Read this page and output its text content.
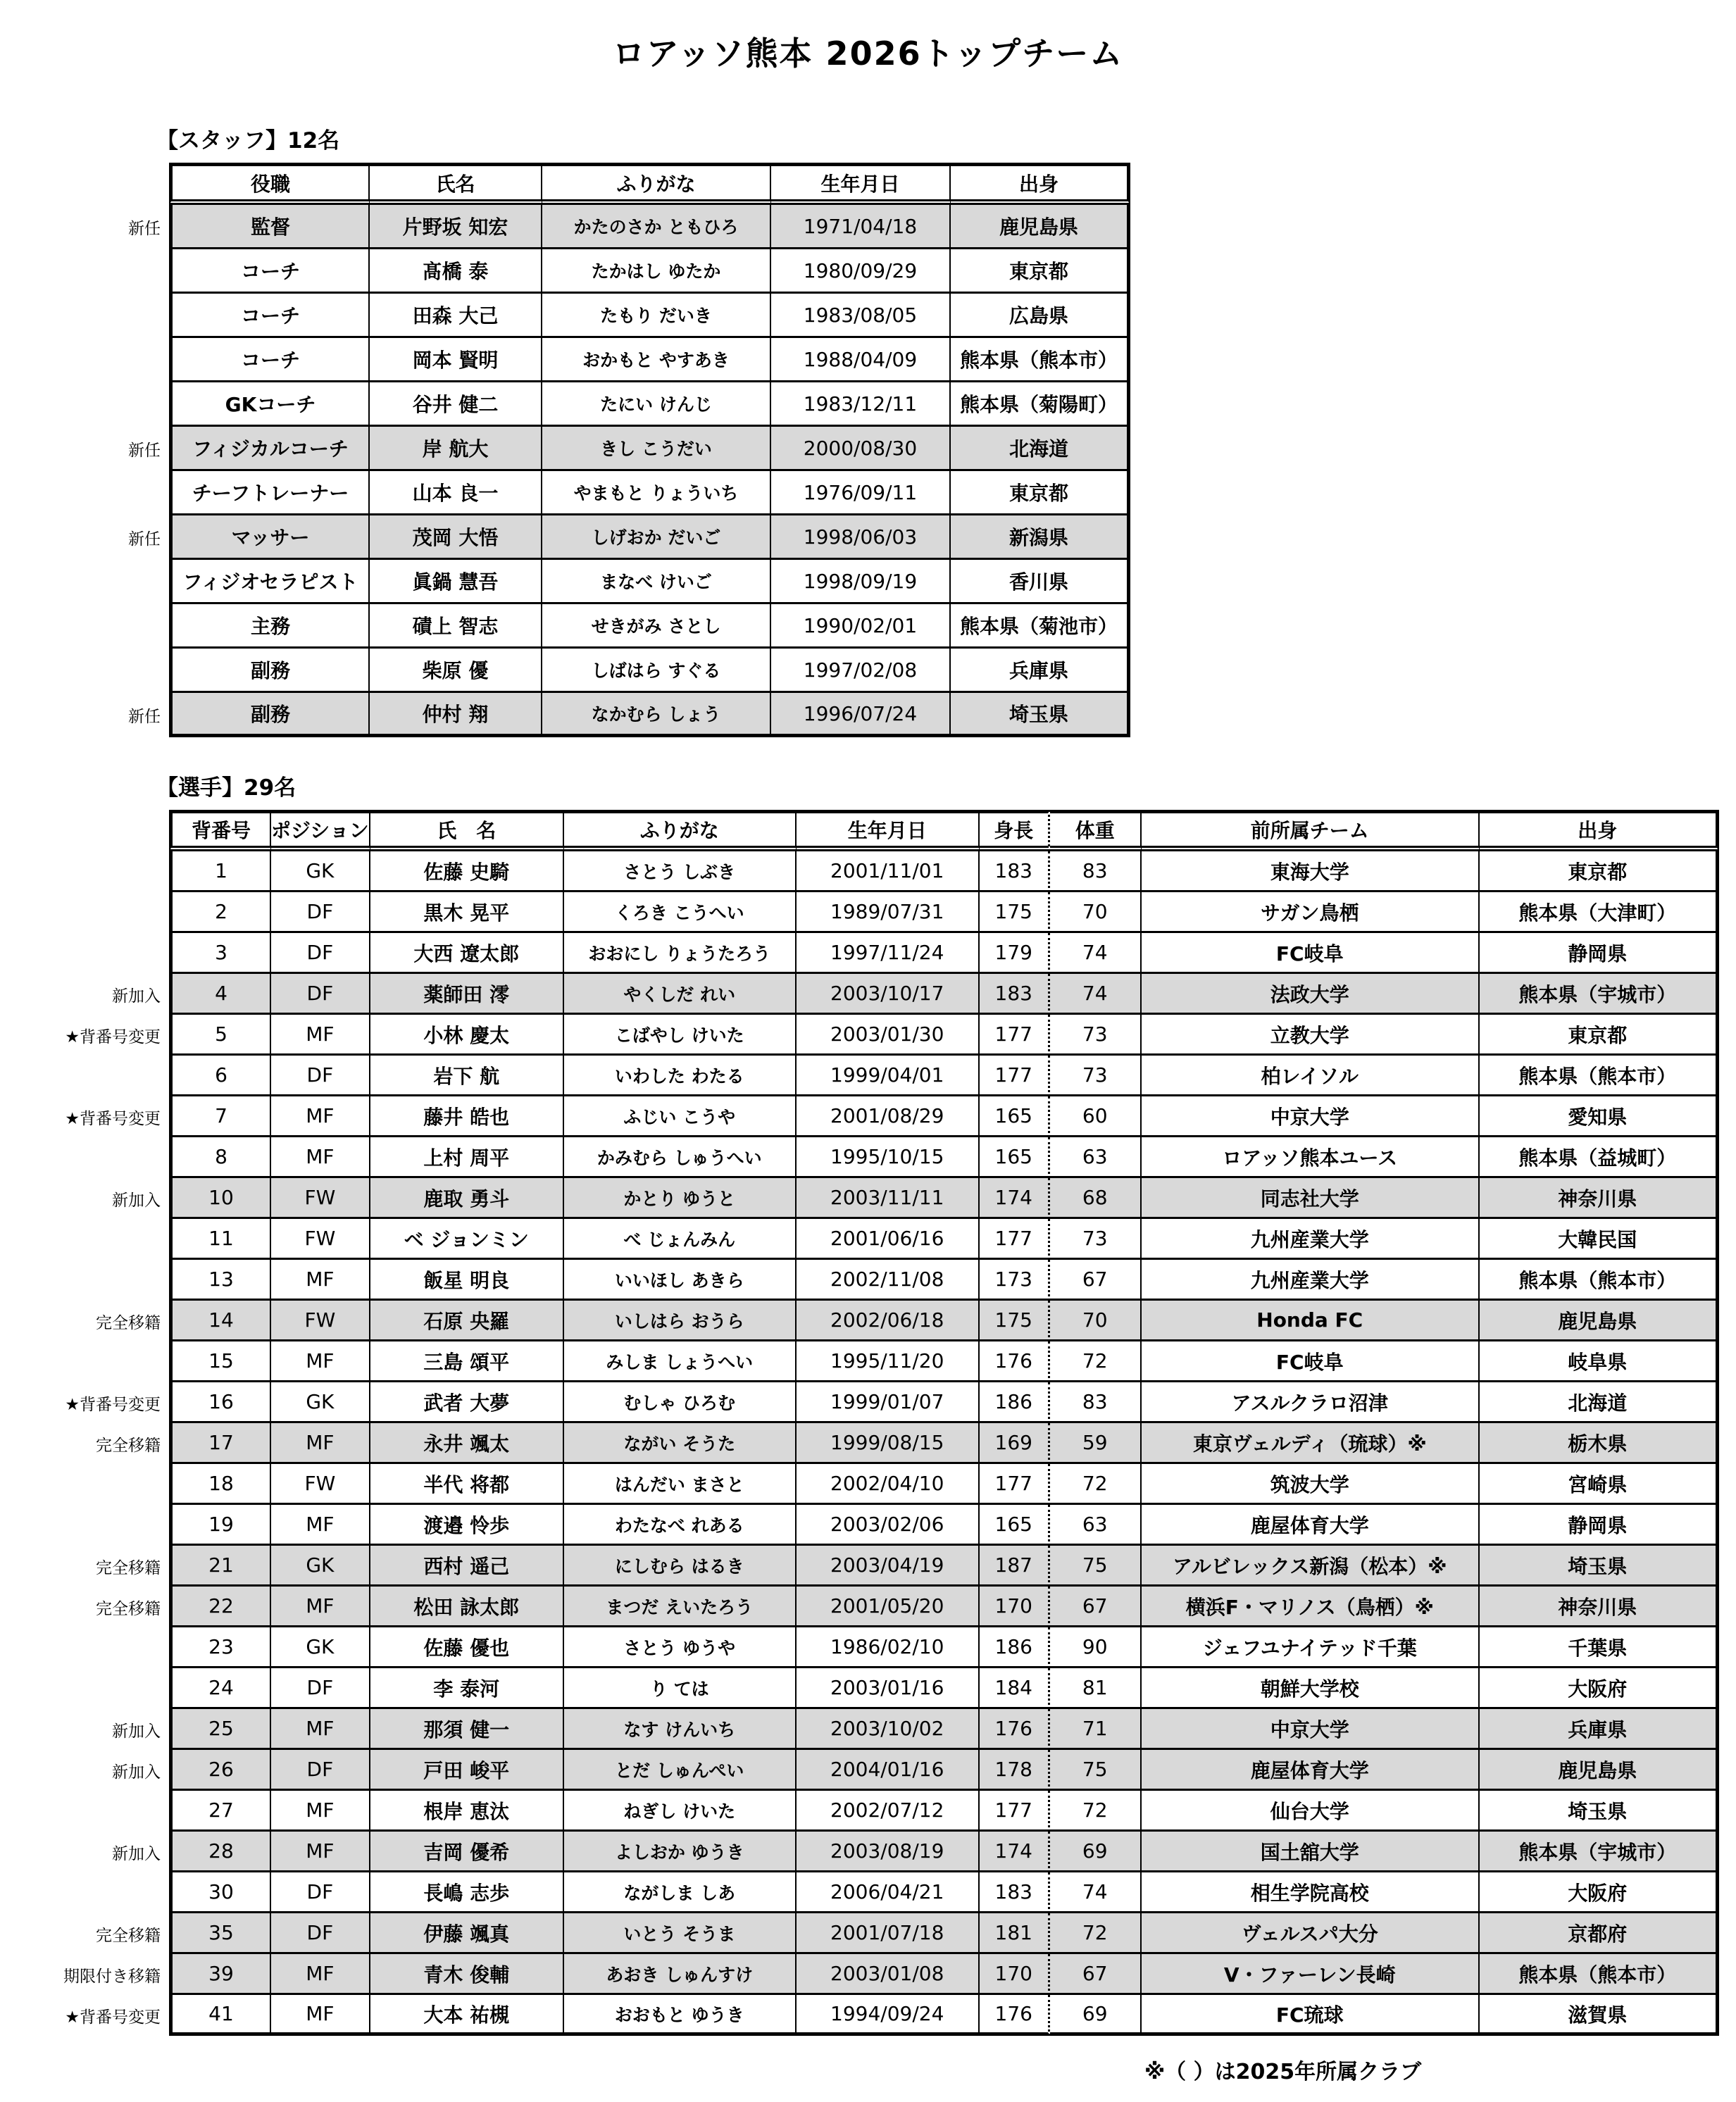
ロアッソ熊本 2026トップチーム
【スタッフ】12名
	役職	氏名	ふりがな	生年月日	出身
新任	監督	片野坂 知宏	かたのさか ともひろ	1971/04/18	鹿児島県
	コーチ	髙橋 泰	たかはし ゆたか	1980/09/29	東京都
	コーチ	田森 大己	たもり だいき	1983/08/05	広島県
	コーチ	岡本 賢明	おかもと やすあき	1988/04/09	熊本県（熊本市）
	GKコーチ	谷井 健二	たにい けんじ	1983/12/11	熊本県（菊陽町）
新任	フィジカルコーチ	岸 航大	きし こうだい	2000/08/30	北海道
	チーフトレーナー	山本 良一	やまもと りょういち	1976/09/11	東京都
新任	マッサー	茂岡 大悟	しげおか だいご	1998/06/03	新潟県
	フィジオセラピスト	眞鍋 慧吾	まなべ けいご	1998/09/19	香川県
	主務	磧上 智志	せきがみ さとし	1990/02/01	熊本県（菊池市）
	副務	柴原 優	しばはら すぐる	1997/02/08	兵庫県
新任	副務	仲村 翔	なかむら しょう	1996/07/24	埼玉県
【選手】29名
	背番号	ポジション	氏　名	ふりがな	生年月日	身長	体重	前所属チーム	出身
	1	GK	佐藤 史騎	さとう しぶき	2001/11/01	183	83	東海大学	東京都
	2	DF	黒木 晃平	くろき こうへい	1989/07/31	175	70	サガン鳥栖	熊本県（大津町）
	3	DF	大西 遼太郎	おおにし りょうたろう	1997/11/24	179	74	FC岐阜	静岡県
新加入	4	DF	薬師田 澪	やくしだ れい	2003/10/17	183	74	法政大学	熊本県（宇城市）
★背番号変更	5	MF	小林 慶太	こばやし けいた	2003/01/30	177	73	立教大学	東京都
	6	DF	岩下 航	いわした わたる	1999/04/01	177	73	柏レイソル	熊本県（熊本市）
★背番号変更	7	MF	藤井 皓也	ふじい こうや	2001/08/29	165	60	中京大学	愛知県
	8	MF	上村 周平	かみむら しゅうへい	1995/10/15	165	63	ロアッソ熊本ユース	熊本県（益城町）
新加入	10	FW	鹿取 勇斗	かとり ゆうと	2003/11/11	174	68	同志社大学	神奈川県
	11	FW	ベ ジョンミン	べ じょんみん	2001/06/16	177	73	九州産業大学	大韓民国
	13	MF	飯星 明良	いいほし あきら	2002/11/08	173	67	九州産業大学	熊本県（熊本市）
完全移籍	14	FW	石原 央羅	いしはら おうら	2002/06/18	175	70	Honda FC	鹿児島県
	15	MF	三島 頌平	みしま しょうへい	1995/11/20	176	72	FC岐阜	岐阜県
★背番号変更	16	GK	武者 大夢	むしゃ ひろむ	1999/01/07	186	83	アスルクラロ沼津	北海道
完全移籍	17	MF	永井 颯太	ながい そうた	1999/08/15	169	59	東京ヴェルディ（琉球）※	栃木県
	18	FW	半代 将都	はんだい まさと	2002/04/10	177	72	筑波大学	宮崎県
	19	MF	渡邉 怜歩	わたなべ れある	2003/02/06	165	63	鹿屋体育大学	静岡県
完全移籍	21	GK	西村 遥己	にしむら はるき	2003/04/19	187	75	アルビレックス新潟（松本）※	埼玉県
完全移籍	22	MF	松田 詠太郎	まつだ えいたろう	2001/05/20	170	67	横浜F・マリノス（鳥栖）※	神奈川県
	23	GK	佐藤 優也	さとう ゆうや	1986/02/10	186	90	ジェフユナイテッド千葉	千葉県
	24	DF	李 泰河	り ては	2003/01/16	184	81	朝鮮大学校	大阪府
新加入	25	MF	那須 健一	なす けんいち	2003/10/02	176	71	中京大学	兵庫県
新加入	26	DF	戸田 峻平	とだ しゅんぺい	2004/01/16	178	75	鹿屋体育大学	鹿児島県
	27	MF	根岸 恵汰	ねぎし けいた	2002/07/12	177	72	仙台大学	埼玉県
新加入	28	MF	吉岡 優希	よしおか ゆうき	2003/08/19	174	69	国土舘大学	熊本県（宇城市）
	30	DF	長嶋 志歩	ながしま しあ	2006/04/21	183	74	相生学院高校	大阪府
完全移籍	35	DF	伊藤 颯真	いとう そうま	2001/07/18	181	72	ヴェルスパ大分	京都府
期限付き移籍	39	MF	青木 俊輔	あおき しゅんすけ	2003/01/08	170	67	V・ファーレン長崎	熊本県（熊本市）
★背番号変更	41	MF	大本 祐槻	おおもと ゆうき	1994/09/24	176	69	FC琉球	滋賀県
※（ ）は2025年所属クラブ
